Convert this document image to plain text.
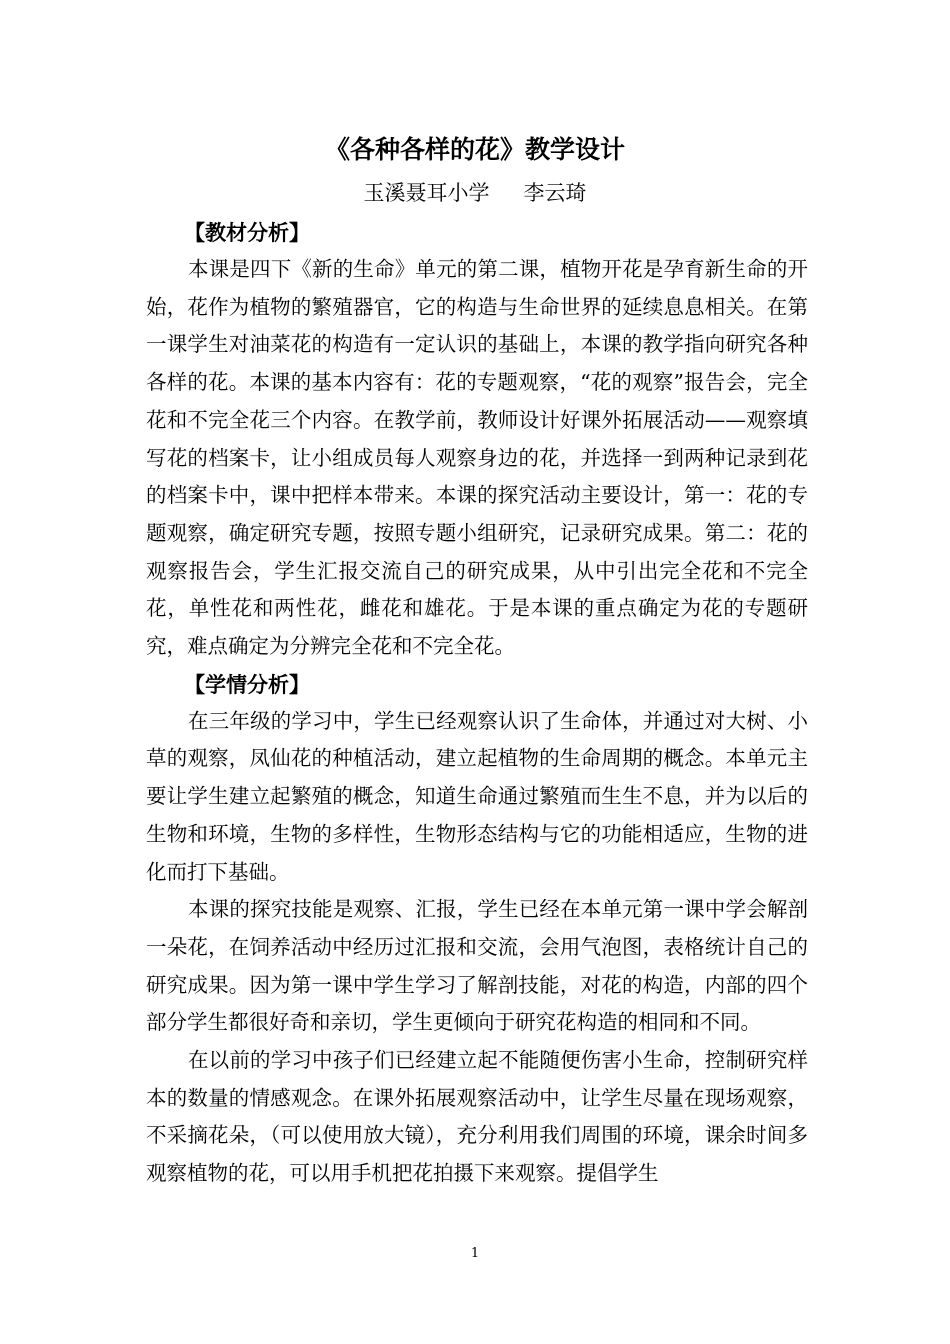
《各种各样的花》教学设计
玉溪聂耳小学 李云琦

【教材分析】

本课是四下《新的生命》单元的第二课，植物开花是孕育新生命的开始，花作为植物的繁殖器官，它的构造与生命世界的延续息息相关。在第一课学生对油菜花的构造有一定认识的基础上，本课的教学指向研究各种各样的花。本课的基本内容有：花的专题观察，“花的观察”报告会，完全花和不完全花三个内容。在教学前，教师设计好课外拓展活动——观察填写花的档案卡，让小组成员每人观察身边的花，并选择一到两种记录到花的档案卡中，课中把样本带来。本课的探究活动主要设计，第一：花的专题观察，确定研究专题，按照专题小组研究，记录研究成果。第二：花的观察报告会，学生汇报交流自己的研究成果，从中引出完全花和不完全花，单性花和两性花，雌花和雄花。于是本课的重点确定为花的专题研究，难点确定为分辨完全花和不完全花。

【学情分析】

在三年级的学习中，学生已经观察认识了生命体，并通过对大树、小草的观察，凤仙花的种植活动，建立起植物的生命周期的概念。本单元主要让学生建立起繁殖的概念，知道生命通过繁殖而生生不息，并为以后的生物和环境，生物的多样性，生物形态结构与它的功能相适应，生物的进化而打下基础。

本课的探究技能是观察、汇报，学生已经在本单元第一课中学会解剖一朵花，在饲养活动中经历过汇报和交流，会用气泡图，表格统计自己的研究成果。因为第一课中学生学习了解剖技能，对花的构造，内部的四个部分学生都很好奇和亲切，学生更倾向于研究花构造的相同和不同。

在以前的学习中孩子们已经建立起不能随便伤害小生命，控制研究样本的数量的情感观念。在课外拓展观察活动中，让学生尽量在现场观察，不采摘花朵，（可以使用放大镜），充分利用我们周围的环境，课余时间多观察植物的花，可以用手机把花拍摄下来观察。提倡学生

1
